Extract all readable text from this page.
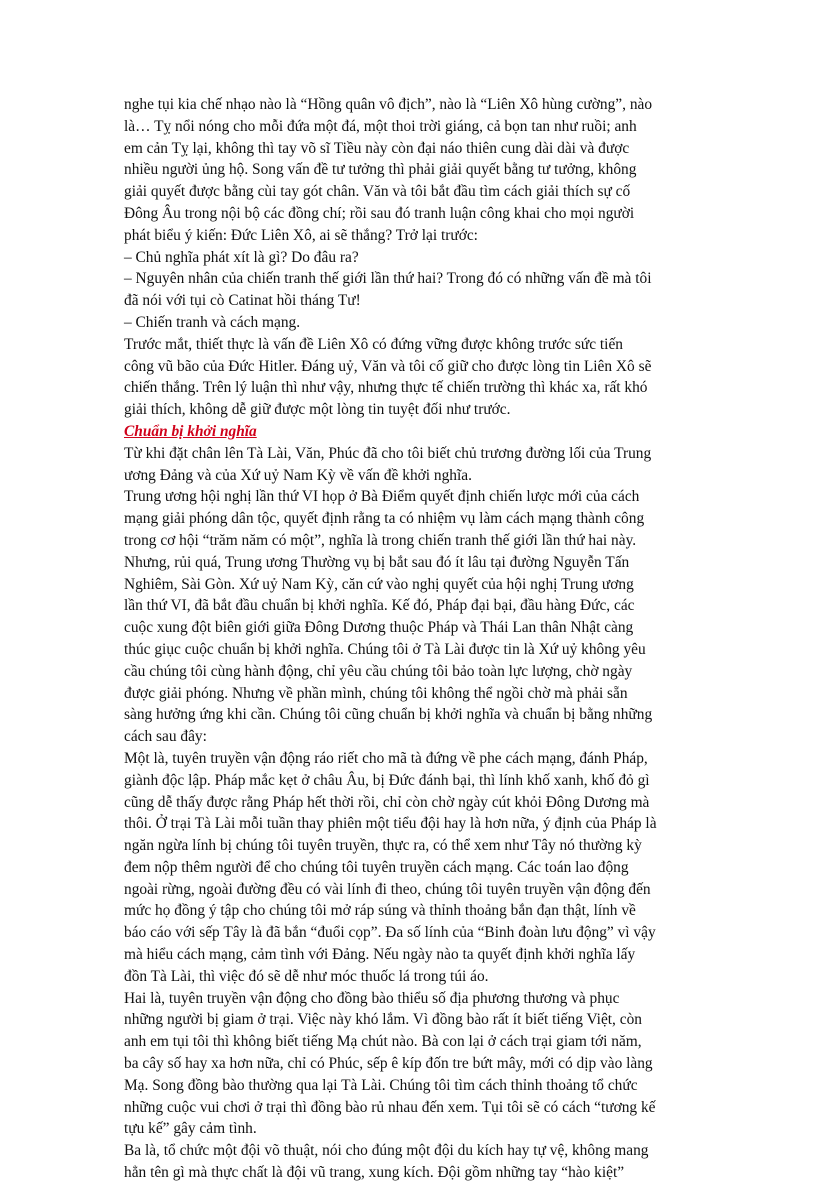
nghe tụi kia chế nhạo nào là “Hồng quân vô địch”, nào là “Liên Xô hùng cường”, nào
là… Tỵ nổi nóng cho mỗi đứa một đá, một thoi trời giáng, cả bọn tan như ruồi; anh
em cản Tỵ lại, không thì tay võ sĩ Tiều này còn đại náo thiên cung dài dài và được
nhiều người ủng hộ. Song vấn đề tư tưởng thì phải giải quyết bằng tư tưởng, không
giải quyết được bằng cùi tay gót chân. Văn và tôi bắt đầu tìm cách giải thích sự cố
Đông Âu trong nội bộ các đồng chí; rồi sau đó tranh luận công khai cho mọi người
phát biểu ý kiến: Đức Liên Xô, ai sẽ thắng? Trở lại trước:
– Chủ nghĩa phát xít là gì? Do đâu ra?
– Nguyên nhân của chiến tranh thế giới lần thứ hai? Trong đó có những vấn đề mà tôi
đã nói với tụi cò Catinat hồi tháng Tư!
– Chiến tranh và cách mạng.
Trước mắt, thiết thực là vấn đề Liên Xô có đứng vững được không trước sức tiến
công vũ bão của Đức Hitler. Đáng uỷ, Văn và tôi cố giữ cho được lòng tin Liên Xô sẽ
chiến thắng. Trên lý luận thì như vậy, nhưng thực tế chiến trường thì khác xa, rất khó
giải thích, không dễ giữ được một lòng tin tuyệt đối như trước.
Chuẩn bị khởi nghĩa
Từ khi đặt chân lên Tà Lài, Văn, Phúc đã cho tôi biết chủ trương đường lối của Trung
ương Đảng và của Xứ uỷ Nam Kỳ về vấn đề khởi nghĩa.
Trung ương hội nghị lần thứ VI họp ở Bà Điểm quyết định chiến lược mới của cách
mạng giải phóng dân tộc, quyết định rằng ta có nhiệm vụ làm cách mạng thành công
trong cơ hội “trăm năm có một”, nghĩa là trong chiến tranh thế giới lần thứ hai này.
Nhưng, rủi quá, Trung ương Thường vụ bị bắt sau đó ít lâu tại đường Nguyễn Tấn
Nghiêm, Sài Gòn. Xứ uỷ Nam Kỳ, căn cứ vào nghị quyết của hội nghị Trung ương
lần thứ VI, đã bắt đầu chuẩn bị khởi nghĩa. Kế đó, Pháp đại bại, đầu hàng Đức, các
cuộc xung đột biên giới giữa Đông Dương thuộc Pháp và Thái Lan thân Nhật càng
thúc giục cuộc chuẩn bị khởi nghĩa. Chúng tôi ở Tà Lài được tin là Xứ uỷ không yêu
cầu chúng tôi cùng hành động, chỉ yêu cầu chúng tôi bảo toàn lực lượng, chờ ngày
được giải phóng. Nhưng về phần mình, chúng tôi không thể ngồi chờ mà phải sẵn
sàng hưởng ứng khi cần. Chúng tôi cũng chuẩn bị khởi nghĩa và chuẩn bị bằng những
cách sau đây:
Một là, tuyên truyền vận động ráo riết cho mã tà đứng về phe cách mạng, đánh Pháp,
giành độc lập. Pháp mắc kẹt ở châu Âu, bị Đức đánh bại, thì lính khố xanh, khố đỏ gì
cũng dễ thấy được rằng Pháp hết thời rồi, chỉ còn chờ ngày cút khỏi Đông Dương mà
thôi. Ở trại Tà Lài mỗi tuần thay phiên một tiểu đội hay là hơn nữa, ý định của Pháp là
ngăn ngừa lính bị chúng tôi tuyên truyền, thực ra, có thể xem như Tây nó thường kỳ
đem nộp thêm người để cho chúng tôi tuyên truyền cách mạng. Các toán lao động
ngoài rừng, ngoài đường đều có vài lính đi theo, chúng tôi tuyên truyền vận động đến
mức họ đồng ý tập cho chúng tôi mở ráp súng và thỉnh thoảng bắn đạn thật, lính về
báo cáo với sếp Tây là đã bắn “đuổi cọp”. Đa số lính của “Binh đoàn lưu động” vì vậy
mà hiểu cách mạng, cảm tình với Đảng. Nếu ngày nào ta quyết định khởi nghĩa lấy
đồn Tà Lài, thì việc đó sẽ dễ như móc thuốc lá trong túi áo.
Hai là, tuyên truyền vận động cho đồng bào thiểu số địa phương thương và phục
những người bị giam ở trại. Việc này khó lắm. Vì đồng bào rất ít biết tiếng Việt, còn
anh em tụi tôi thì không biết tiếng Mạ chút nào. Bà con lại ở cách trại giam tới năm,
ba cây số hay xa hơn nữa, chỉ có Phúc, sếp ê kíp đốn tre bứt mây, mới có dịp vào làng
Mạ. Song đồng bào thường qua lại Tà Lài. Chúng tôi tìm cách thỉnh thoảng tổ chức
những cuộc vui chơi ở trại thì đồng bào rủ nhau đến xem. Tụi tôi sẽ có cách “tương kế
tựu kế” gây cảm tình.
Ba là, tổ chức một đội võ thuật, nói cho đúng một đội du kích hay tự vệ, không mang
hẳn tên gì mà thực chất là đội vũ trang, xung kích. Đội gồm những tay “hào kiệt”
